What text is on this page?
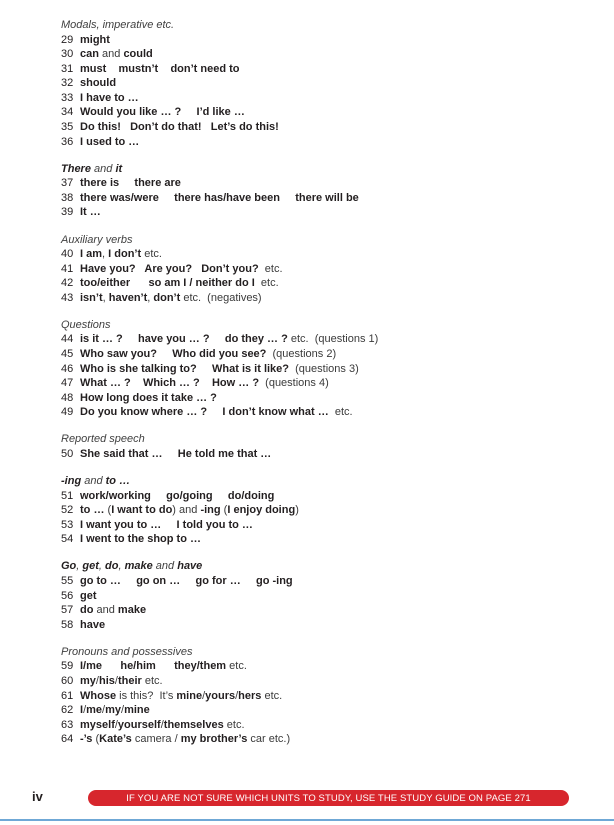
Modals, imperative etc.
29 might
30 can and could
31 must    mustn’t    don’t need to
32 should
33 I have to …
34 Would you like … ?     I’d like …
35 Do this!   Don’t do that!   Let’s do this!
36 I used to …
There and it
37 there is     there are
38 there was/were     there has/have been     there will be
39 It …
Auxiliary verbs
40 I am, I don’t etc.
41 Have you?   Are you?   Don’t you?  etc.
42 too/either      so am I / neither do I  etc.
43 isn’t, haven’t, don’t etc.  (negatives)
Questions
44 is it … ?     have you … ?     do they … ? etc.  (questions 1)
45 Who saw you?     Who did you see?  (questions 2)
46 Who is she talking to?     What is it like?  (questions 3)
47 What … ?    Which … ?    How … ?  (questions 4)
48 How long does it take … ?
49 Do you know where … ?     I don’t know what …  etc.
Reported speech
50 She said that …     He told me that …
-ing and to …
51 work/working     go/going     do/doing
52 to … (I want to do) and -ing (I enjoy doing)
53 I want you to …     I told you to …
54 I went to the shop to …
Go, get, do, make and have
55 go to …     go on …     go for …     go -ing
56 get
57 do and make
58 have
Pronouns and possessives
59 I/me      he/him      they/them etc.
60 my/his/their etc.
61 Whose is this?  It’s mine/yours/hers etc.
62 I/me/my/mine
63 myself/yourself/themselves etc.
64 -’s (Kate’s camera / my brother’s car etc.)
iv	IF YOU ARE NOT SURE WHICH UNITS TO STUDY, USE THE STUDY GUIDE ON PAGE 271
